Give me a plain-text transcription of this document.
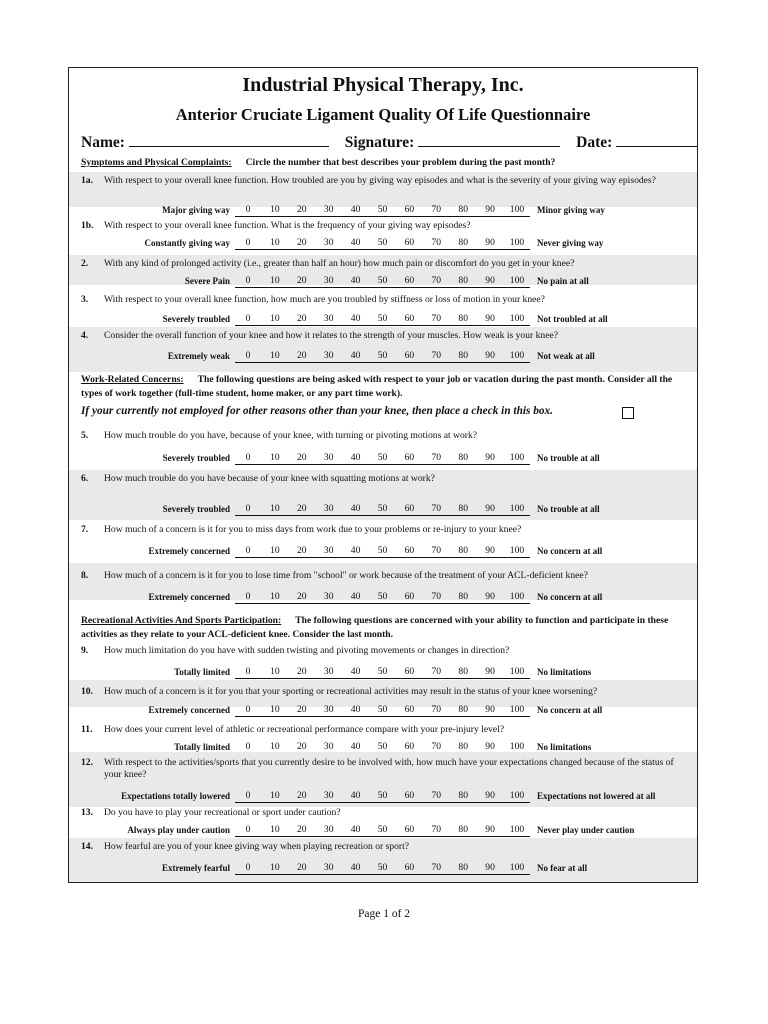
Industrial Physical Therapy, Inc.
Anterior Cruciate Ligament Quality Of Life Questionnaire
Name:	Signature:	Date:
Symptoms and Physical Complaints: Circle the number that best describes your problem during the past month?
Work-Related Concerns: The following questions are being asked with respect to your job or vacation during the past month. Consider all the types of work together (full-time student, home maker, or any part time work).
If your currently not employed for other reasons other than your knee, then place a check in this box.
Recreational Activities And Sports Participation: The following questions are concerned with your ability to function and participate in these activities as they relate to your ACL-deficient knee. Consider the last month.
1a. With respect to your overall knee function. How troubled are you by giving way episodes and what is the severity of your giving way episodes?
Major giving way	0	10	20	30	40	50	60	70	80	90	100	Minor giving way
1b. With respect to your overall knee function. What is the frequency of your giving way episodes?
Constantly giving way	0	10	20	30	40	50	60	70	80	90	100	Never giving way
2. With any kind of prolonged activity (i.e., greater than half an hour) how much pain or discomfort do you get in your knee?
Severe Pain	0	10	20	30	40	50	60	70	80	90	100	No pain at all
3. With respect to your overall knee function, how much are you troubled by stiffness or loss of motion in your knee?
Severely troubled	0	10	20	30	40	50	60	70	80	90	100	Not troubled at all
4. Consider the overall function of your knee and how it relates to the strength of your muscles. How weak is your knee?
Extremely weak	0	10	20	30	40	50	60	70	80	90	100	Not weak at all
5. How much trouble do you have, because of your knee, with turning or pivoting motions at work?
Severely troubled	0	10	20	30	40	50	60	70	80	90	100	No trouble at all
6. How much trouble do you have because of your knee with squatting motions at work?
Severely troubled	0	10	20	30	40	50	60	70	80	90	100	No trouble at all
7. How much of a concern is it for you to miss days from work due to your problems or re-injury to your knee?
Extremely concerned	0	10	20	30	40	50	60	70	80	90	100	No concern at all
8. How much of a concern is it for you to lose time from "school" or work because of the treatment of your ACL-deficient knee?
Extremely concerned	0	10	20	30	40	50	60	70	80	90	100	No concern at all
9. How much limitation do you have with sudden twisting and pivoting movements or changes in direction?
Totally limited	0	10	20	30	40	50	60	70	80	90	100	No limitations
10. How much of a concern is it for you that your sporting or recreational activities may result in the status of your knee worsening?
Extremely concerned	0	10	20	30	40	50	60	70	80	90	100	No concern at all
11. How does your current level of athletic or recreational performance compare with your pre-injury level?
Totally limited	0	10	20	30	40	50	60	70	80	90	100	No limitations
12. With respect to the activities/sports that you currently desire to be involved with, how much have your expectations changed because of the status of your knee?
Expectations totally lowered	0	10	20	30	40	50	60	70	80	90	100	Expectations not lowered at all
13. Do you have to play your recreational or sport under caution?
Always play under caution	0	10	20	30	40	50	60	70	80	90	100	Never play under caution
14. How fearful are you of your knee giving way when playing recreation or sport?
Extremely fearful	0	10	20	30	40	50	60	70	80	90	100	No fear at all
Page 1 of 2
